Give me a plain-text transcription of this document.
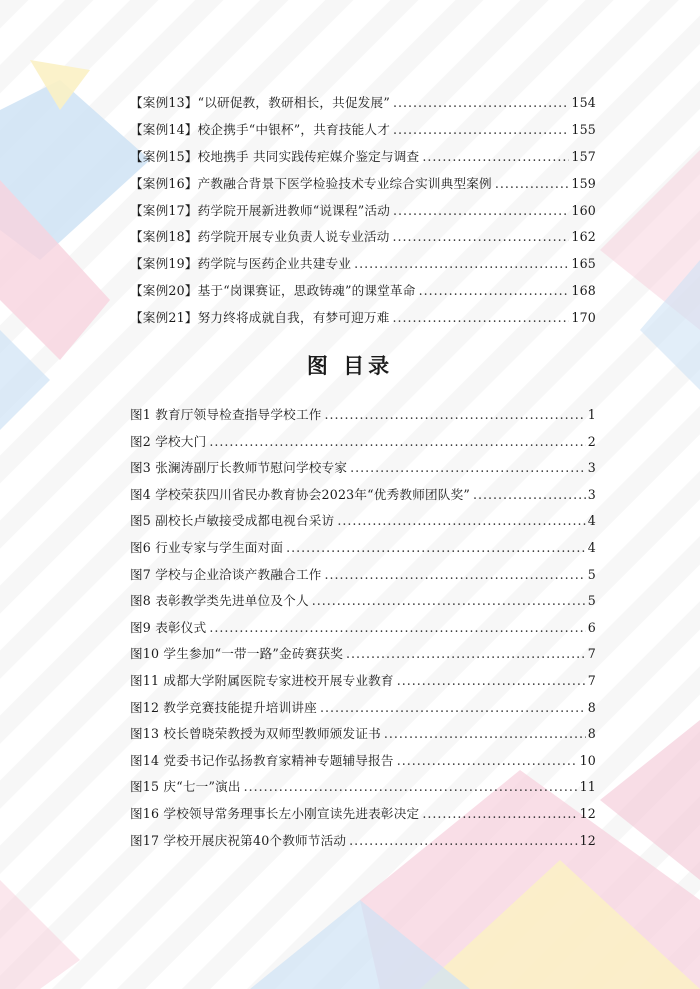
【案例13】“以研促教，教研相长，共促发展” .....	154
【案例14】校企携手“中银杯”，共育技能人才 .....	155
【案例15】校地携手 共同实践传疟媒介鉴定与调查 .....	157
【案例16】产教融合背景下医学检验技术专业综合实训典型案例 .....	159
【案例17】药学院开展新进教师“说课程”活动 .....	160
【案例18】药学院开展专业负责人说专业活动 .....	162
【案例19】药学院与医药企业共建专业 .....	165
【案例20】基于“岗课赛证，思政铸魂”的课堂革命 .....	168
【案例21】努力终将成就自我，有梦可迎万难 .....	170
图 目录
图1 教育厅领导检查指导学校工作 .....	1
图2 学校大门 .....	2
图3 张澜涛副厅长教师节慰问学校专家 .....	3
图4 学校荣获四川省民办教育协会2023年“优秀教师团队奖” .....	3
图5 副校长卢敏接受成都电视台采访 .....	4
图6 行业专家与学生面对面 .....	4
图7 学校与企业洽谈产教融合工作 .....	5
图8 表彰教学类先进单位及个人 .....	5
图9 表彰仪式 .....	6
图10 学生参加“一带一路”金砖赛获奖 .....	7
图11 成都大学附属医院专家进校开展专业教育 .....	7
图12 教学竞赛技能提升培训讲座 .....	8
图13 校长曾晓荣教授为双师型教师颁发证书 .....	8
图14 党委书记作弘扬教育家精神专题辅导报告 .....	10
图15 庆“七一”演出 .....	11
图16 学校领导常务理事长左小刚宣读先进表彰决定 .....	12
图17 学校开展庆祝第40个教师节活动 .....	12
